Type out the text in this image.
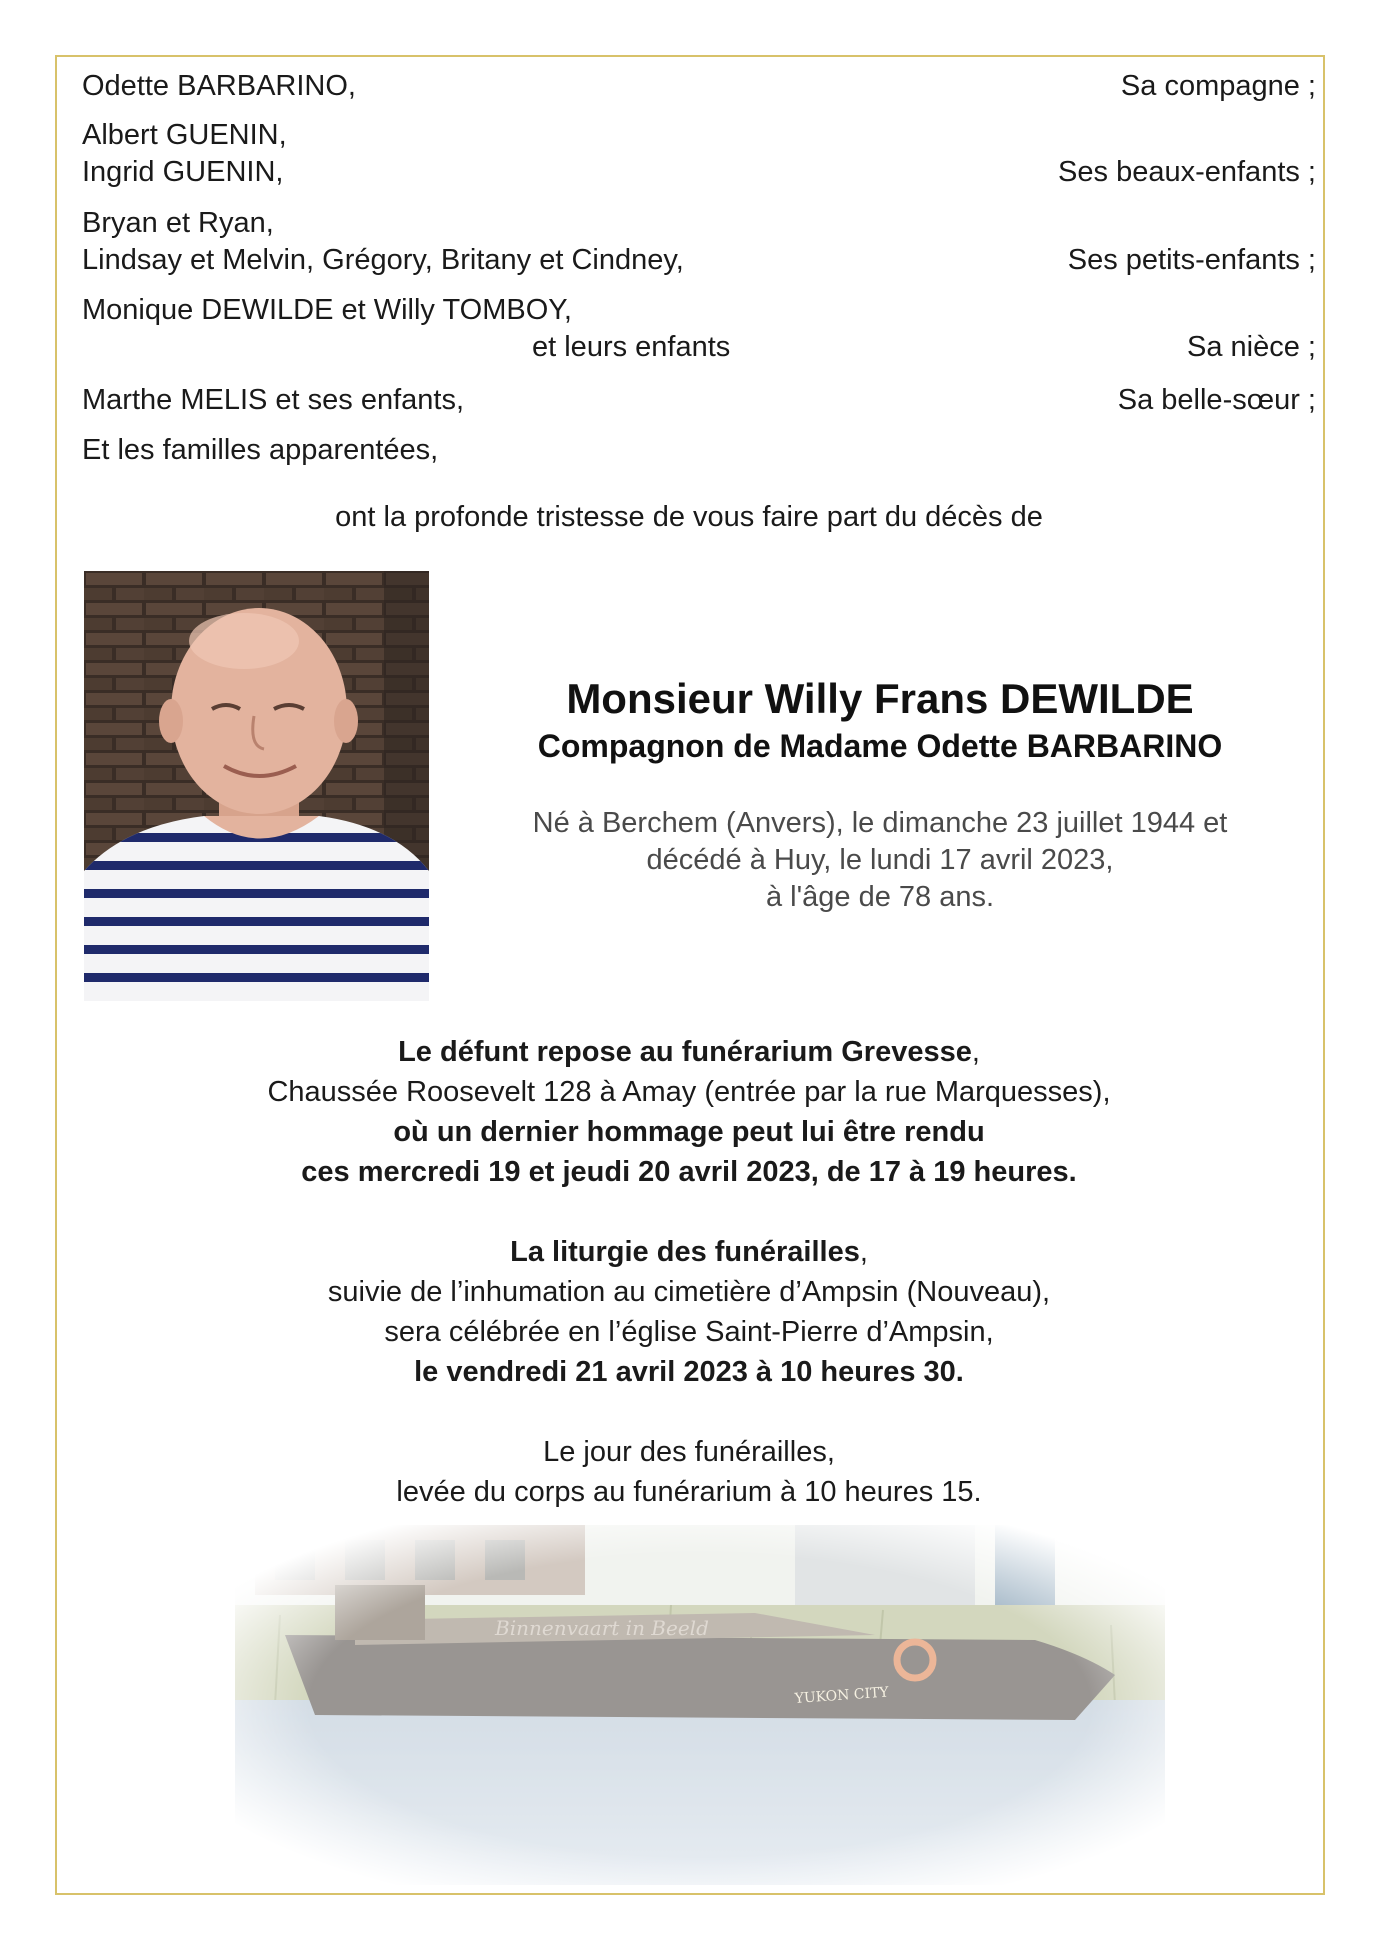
Odette BARBARINO,	Sa compagne ;
Albert GUENIN,
Ingrid GUENIN,	Ses beaux-enfants ;
Bryan et Ryan,
Lindsay et Melvin, Grégory, Britany et Cindney,	Ses petits-enfants ;
Monique DEWILDE et Willy TOMBOY,
et leurs enfants	Sa nièce ;
Marthe MELIS et ses enfants,	Sa belle-sœur ;
Et les familles apparentées,
ont la profonde tristesse de vous faire part du décès de
Monsieur Willy Frans DEWILDE
Compagnon de Madame Odette BARBARINO
Né à Berchem (Anvers), le dimanche 23 juillet 1944 et
décédé à Huy, le lundi 17 avril 2023,
à l'âge de 78 ans.
Le défunt repose au funérarium Grevesse,
Chaussée Roosevelt 128 à Amay (entrée par la rue Marquesses),
où un dernier hommage peut lui être rendu
ces mercredi 19 et jeudi 20 avril 2023, de 17 à 19 heures.
La liturgie des funérailles,
suivie de l’inhumation au cimetière d’Ampsin (Nouveau),
sera célébrée en l’église Saint-Pierre d’Ampsin,
le vendredi 21 avril 2023 à 10 heures 30.
Le jour des funérailles,
levée du corps au funérarium à 10 heures 15.
